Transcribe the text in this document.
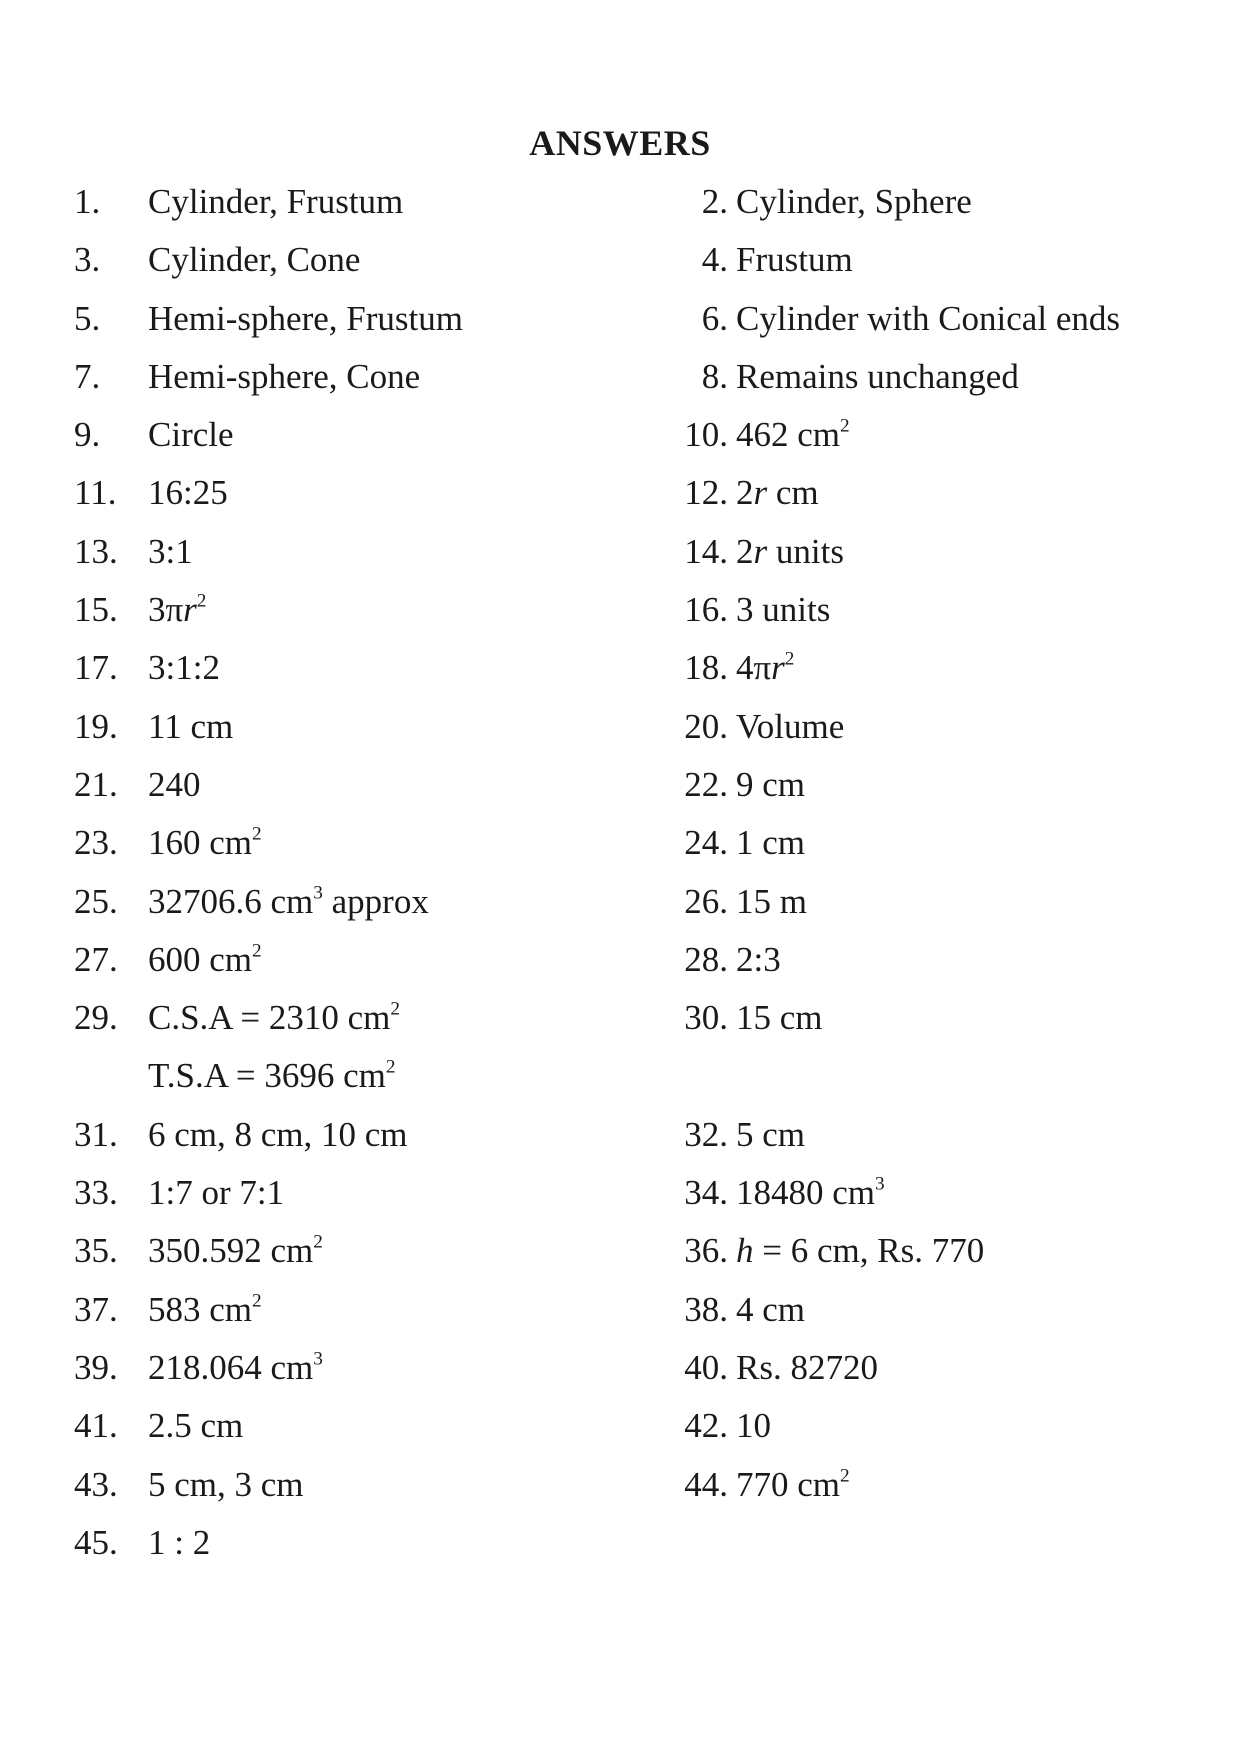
ANSWERS
1.	Cylinder, Frustum	2. Cylinder, Sphere
3.	Cylinder, Cone	4. Frustum
5.	Hemi-sphere, Frustum	6. Cylinder with Conical ends
7.	Hemi-sphere, Cone	8. Remains unchanged
9.	Circle	10. 462 $cm^2$
11. 16:25	12. 2r cm
13. 3:1	14. 2r units
15. $3\pi r^2$	16. 3 units
17. 3:1:2	18. $4\pi r^2$
19. 11 cm	20. Volume
21. 240	22. 9 cm
23. 160 $cm^2$	24. 1 cm
25. 32706.6 $cm^3$ approx	26. 15 m
27. 600 $cm^2$	28. 2:3
29. C.S.A = 2310 $cm^2$	30. 15 cm
T.S.A = 3696 $cm^2$
31. 6 cm, 8 cm, 10 cm	32. 5 cm
33. 1:7 or 7:1	34. 18480 $cm^3$
35. 350.592 $cm^2$	36. h = 6 cm, Rs. 770
37. 583 $cm^2$	38. 4 cm
39. 218.064 $cm^3$	40. Rs. 82720
41. 2.5 cm	42. 10
43. 5 cm, 3 cm	44. 770 $cm^2$
45. 1 : 2
